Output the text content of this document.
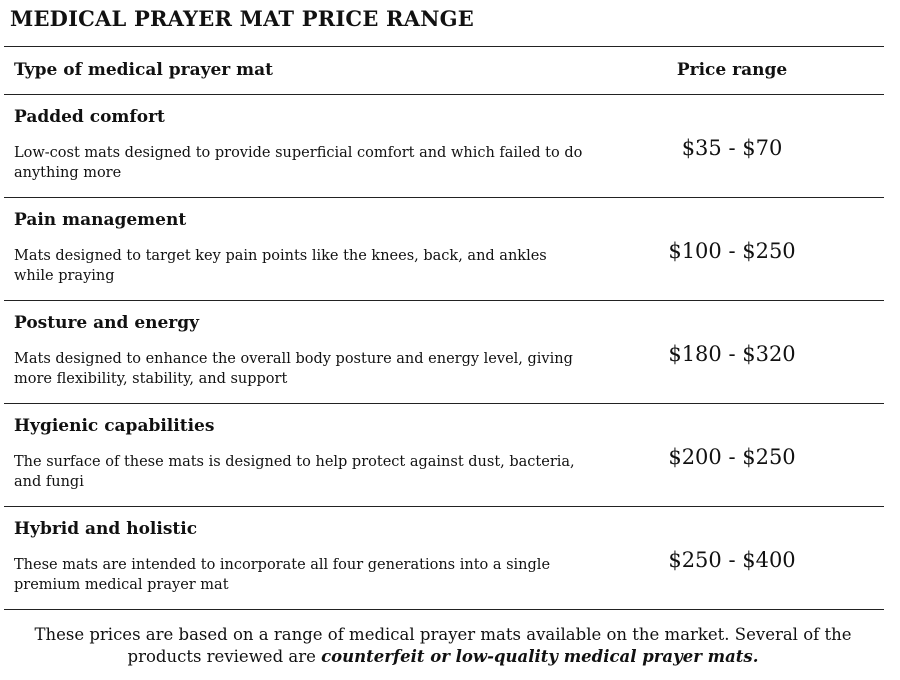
MEDICAL PRAYER MAT PRICE RANGE
Type of medical prayer mat	Price range
Padded comfort
Low-cost mats designed to provide superficial comfort and which failed to do anything more
$35 - $70
Pain management
Mats designed to target key pain points like the knees, back, and ankles while praying
$100 - $250
Posture and energy
Mats designed to enhance the overall body posture and energy level, giving more flexibility, stability, and support
$180 - $320
Hygienic capabilities
The surface of these mats is designed to help protect against dust, bacteria, and fungi
$200 - $250
Hybrid and holistic
These mats are intended to incorporate all four generations into a single premium medical prayer mat
$250 - $400
These prices are based on a range of medical prayer mats available on the market. Several of the products reviewed are counterfeit or low-quality medical prayer mats.
